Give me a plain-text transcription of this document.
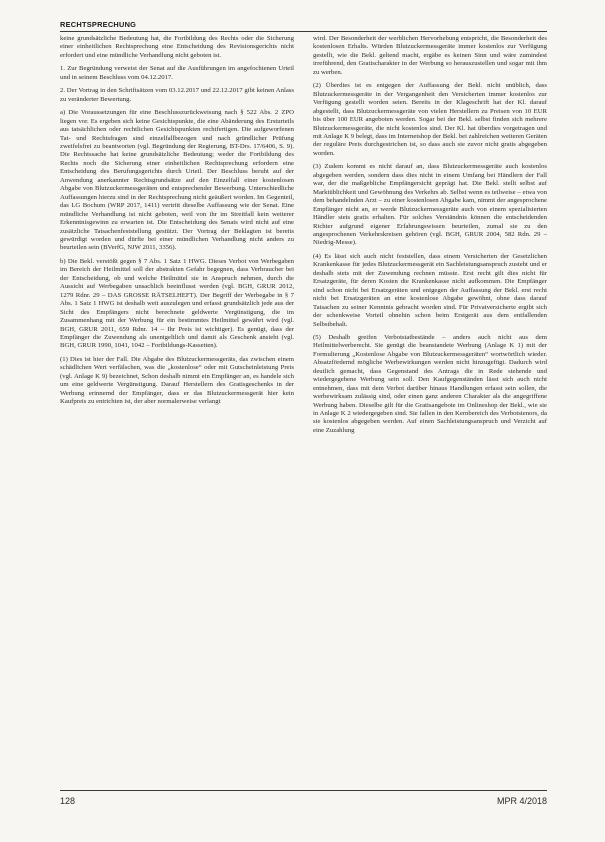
RECHTSPRECHUNG

keine grundsätzliche Bedeutung hat, die Fortbildung des Rechts oder die Sicherung einer einheitlichen Rechtsprechung eine Entscheidung des Revisionsgerichts nicht erfordert und eine mündliche Verhandlung nicht geboten ist.

1. Zur Begründung verweist der Senat auf die Ausführungen im angefochtenen Urteil und in seinem Beschluss vom 04.12.2017.

2. Der Vortrag in den Schriftsätzen vom 03.12.2017 und 22.12.2017 gibt keinen Anlass zu veränderter Bewertung.

a) Die Voraussetzungen für eine Beschlusszurückweisung nach § 522 Abs. 2 ZPO liegen vor. Es ergeben sich keine Gesichtspunkte, die eine Abänderung des Ersturteils aus tatsächlichen oder rechtlichen Gesichtspunkten rechtfertigen. Die aufgeworfenen Tat- und Rechtsfragen sind einzelfallbezogen und nach gründlicher Prüfung zweifelsfrei zu beantworten (vgl. Begründung der Regierung, BT-Drs. 17/6406, S. 9). Die Rechtssache hat keine grundsätzliche Bedeutung; weder die Fortbildung des Rechts noch die Sicherung einer einheitlichen Rechtsprechung erfordern eine Entscheidung des Berufungsgerichts durch Urteil. Der Beschluss beruht auf der Anwendung anerkannter Rechtsgrundsätze auf den Einzelfall einer kostenlosen Abgabe von Blutzuckermessgeräten und entsprechender Bewerbung. Unterschiedliche Auffassungen hierzu sind in der Rechtsprechung nicht geäußert worden. Im Gegenteil, das LG Bochum (WRP 2017, 1411) vertritt dieselbe Auffassung wie der Senat. Eine mündliche Verhandlung ist nicht geboten, weil von ihr im Streitfall kein weiterer Erkenntnisgewinn zu erwarten ist. Die Entscheidung des Senats wird nicht auf eine zusätzliche Tatsachenfeststellung gestützt. Der Vortrag der Beklagten ist bereits gewürdigt worden und dürfte bei einer mündlichen Verhandlung nicht anders zu beurteilen sein (BVerfG, NJW 2011, 3356).

b) Die Bekl. verstößt gegen § 7 Abs. 1 Satz 1 HWG. Dieses Verbot von Werbegaben im Bereich der Heilmittel soll der abstrakten Gefahr begegnen, dass Verbraucher bei der Entscheidung, ob und welche Heilmittel sie in Anspruch nehmen, durch die Aussicht auf Werbegaben unsachlich beeinflusst werden (vgl. BGH, GRUR 2012, 1279 Rdnr. 29 – DAS GROSSE RÄTSELHEFT). Der Begriff der Werbegabe in § 7 Abs. 1 Satz 1 HWG ist deshalb weit auszulegen und erfasst grundsätzlich jede aus der Sicht des Empfängers nicht berechnete geldwerte Vergünstigung, die im Zusammenhang mit der Werbung für ein bestimmtes Heilmittel gewährt wird (vgl. BGH, GRUR 2011, 659 Rdnr. 14 – Ihr Preis ist wichtiger). Es genügt, dass der Empfänger die Zuwendung als unentgeltlich und damit als Geschenk ansieht (vgl. BGH, GRUR 1990, 1041, 1042 – Fortbildungs-Kassetten).

(1) Dies ist hier der Fall. Die Abgabe des Blutzuckermessgeräts, das zwischen einem schädlichen Wert verfälschen, was die „kostenlose“ oder mit Gutscheinleistung Preis (vgl. Anlage K 9) bezeichnet, Schon deshalb nimmt ein Empfänger an, es handele sich um eine geldwerte Vergünstigung. Darauf Herstellern des Gratisgeschenks in der Werbung erinnernd der Empfänger, dass er das Blutzuckermessgerät hier kein Kaufpreis zu entrichten ist, der aber normalerweise verlangt

wird. Der Besonderheit der werblichen Hervorhebung entspricht, die Besonderheit des kostenlosen Erhalts. Würden Blutzuckermessgeräte immer kostenlos zur Verfügung gestellt, wie die Bekl. geltend macht, ergäbe es keinen Sinn und wäre zumindest irreführend, den Gratischarakter in der Werbung so herauszustellen und sogar mit ihm zu werben.

(2) Überdies ist es entgegen der Auffassung der Bekl. nicht unüblich, dass Blutzuckermessgeräte in der Vergangenheit den Versicherten immer kostenlos zur Verfügung gestellt worden seien. Bereits in der Klageschrift hat der Kl. darauf abgestellt, dass Blutzuckermessgeräte von vielen Herstellern zu Preisen von 10 EUR bis über 100 EUR angeboten werden. Sogar bei der Bekl. selbst finden sich mehrere Blutzuckermessgeräte, die nicht kostenlos sind. Der Kl. hat überdies vorgetragen und mit Anlage K 9 belegt, dass im Internetshop der Bekl. bei zahlreichen weiteren Geräten der reguläre Preis durchgestrichen ist, so dass auch sie zuvor nicht gratis abgegeben worden.

(3) Zudem kommt es nicht darauf an, dass Blutzuckermessgeräte auch kostenlos abgegeben werden, sondern dass dies nicht in einem Umfang bei Händlern der Fall war, der die maßgebliche Empfängersicht geprägt hat. Die Bekl. stellt selbst auf Marktüblichkeit und Gewöhnung des Verkehrs ab. Selbst wenn es teilweise – etwa von dem behandelnden Arzt – zu einer kostenlosen Abgabe kam, nimmt der angesprochene Empfänger nicht an, er werde Blutzuckermessgeräte auch von einem spezialisierten Händler stets gratis erhalten. Für solches Verständnis können die entscheidenden Richter aufgrund eigener Erfahrungswissen beurteilen, zumal sie zu den angesprochenen Verkehrskreisen gehören (vgl. BGH, GRUR 2004, 582 Rdn. 29 – Niedrig-Messe).

(4) Es lässt sich auch nicht feststellen, dass einem Versicherten der Gesetzlichen Krankenkasse für jedes Blutzuckermessgerät ein Sachleistungsanspruch zusteht und er deshalb stets mit der Zuwendung rechnen müsste. Erst recht gilt dies nicht für Ersatzgeräte, für deren Kosten die Krankenkasse nicht aufkommen. Die Empfänger sind schon nicht bei Ersatzgeräten und entgegen der Auffassung der Bekl. erst recht nicht bei Ersatzgeräten an eine kostenlose Abgabe gewöhnt, ohne dass darauf Tatsachen zu seiner Kenntnis gebracht worden sind. Für Privatversicherte ergibt sich der schenkweise Vorteil ohnehin schon beim Erstgerät aus dem entfallenden Selbstbehalt.

(5) Deshalb greifen Verbotstatbestände – anders auch nicht aus dem Heilmittelwerberecht. Sie genügt die beanstandete Werbung (Anlage K 1) mit der Formulierung „Kostenlose Abgabe von Blutzuckermessgeräten“ wortwörtlich wieder. Absatzfördernd mögliche Werbewirkungen werden nicht hinzugefügt. Dadurch wird deutlich gemacht, dass Gegenstand des Antrags die in Rede stehende und wiedergegebene Werbung sein soll. Den Kaufgegenständen lässt sich auch nicht entnehmen, dass mit dem Verbot darüber hinaus Handlungen erfasst sein sollen, die werbewirksam zulässig sind, oder einen ganz anderen Charakter als die angegriffene Werbung haben. Dieselbe gilt für die Gratisangebote im Onlineshop der Bekl., wie sie in Anlage K 2 wiedergegeben sind. Sie fallen in den Kernbereich des Verbotstenors, da sie kostenlos abgegeben werden. Auf einen Sachleistungsanspruch und Verzicht auf eine Zuzahlung

128	MPR 4/2018
